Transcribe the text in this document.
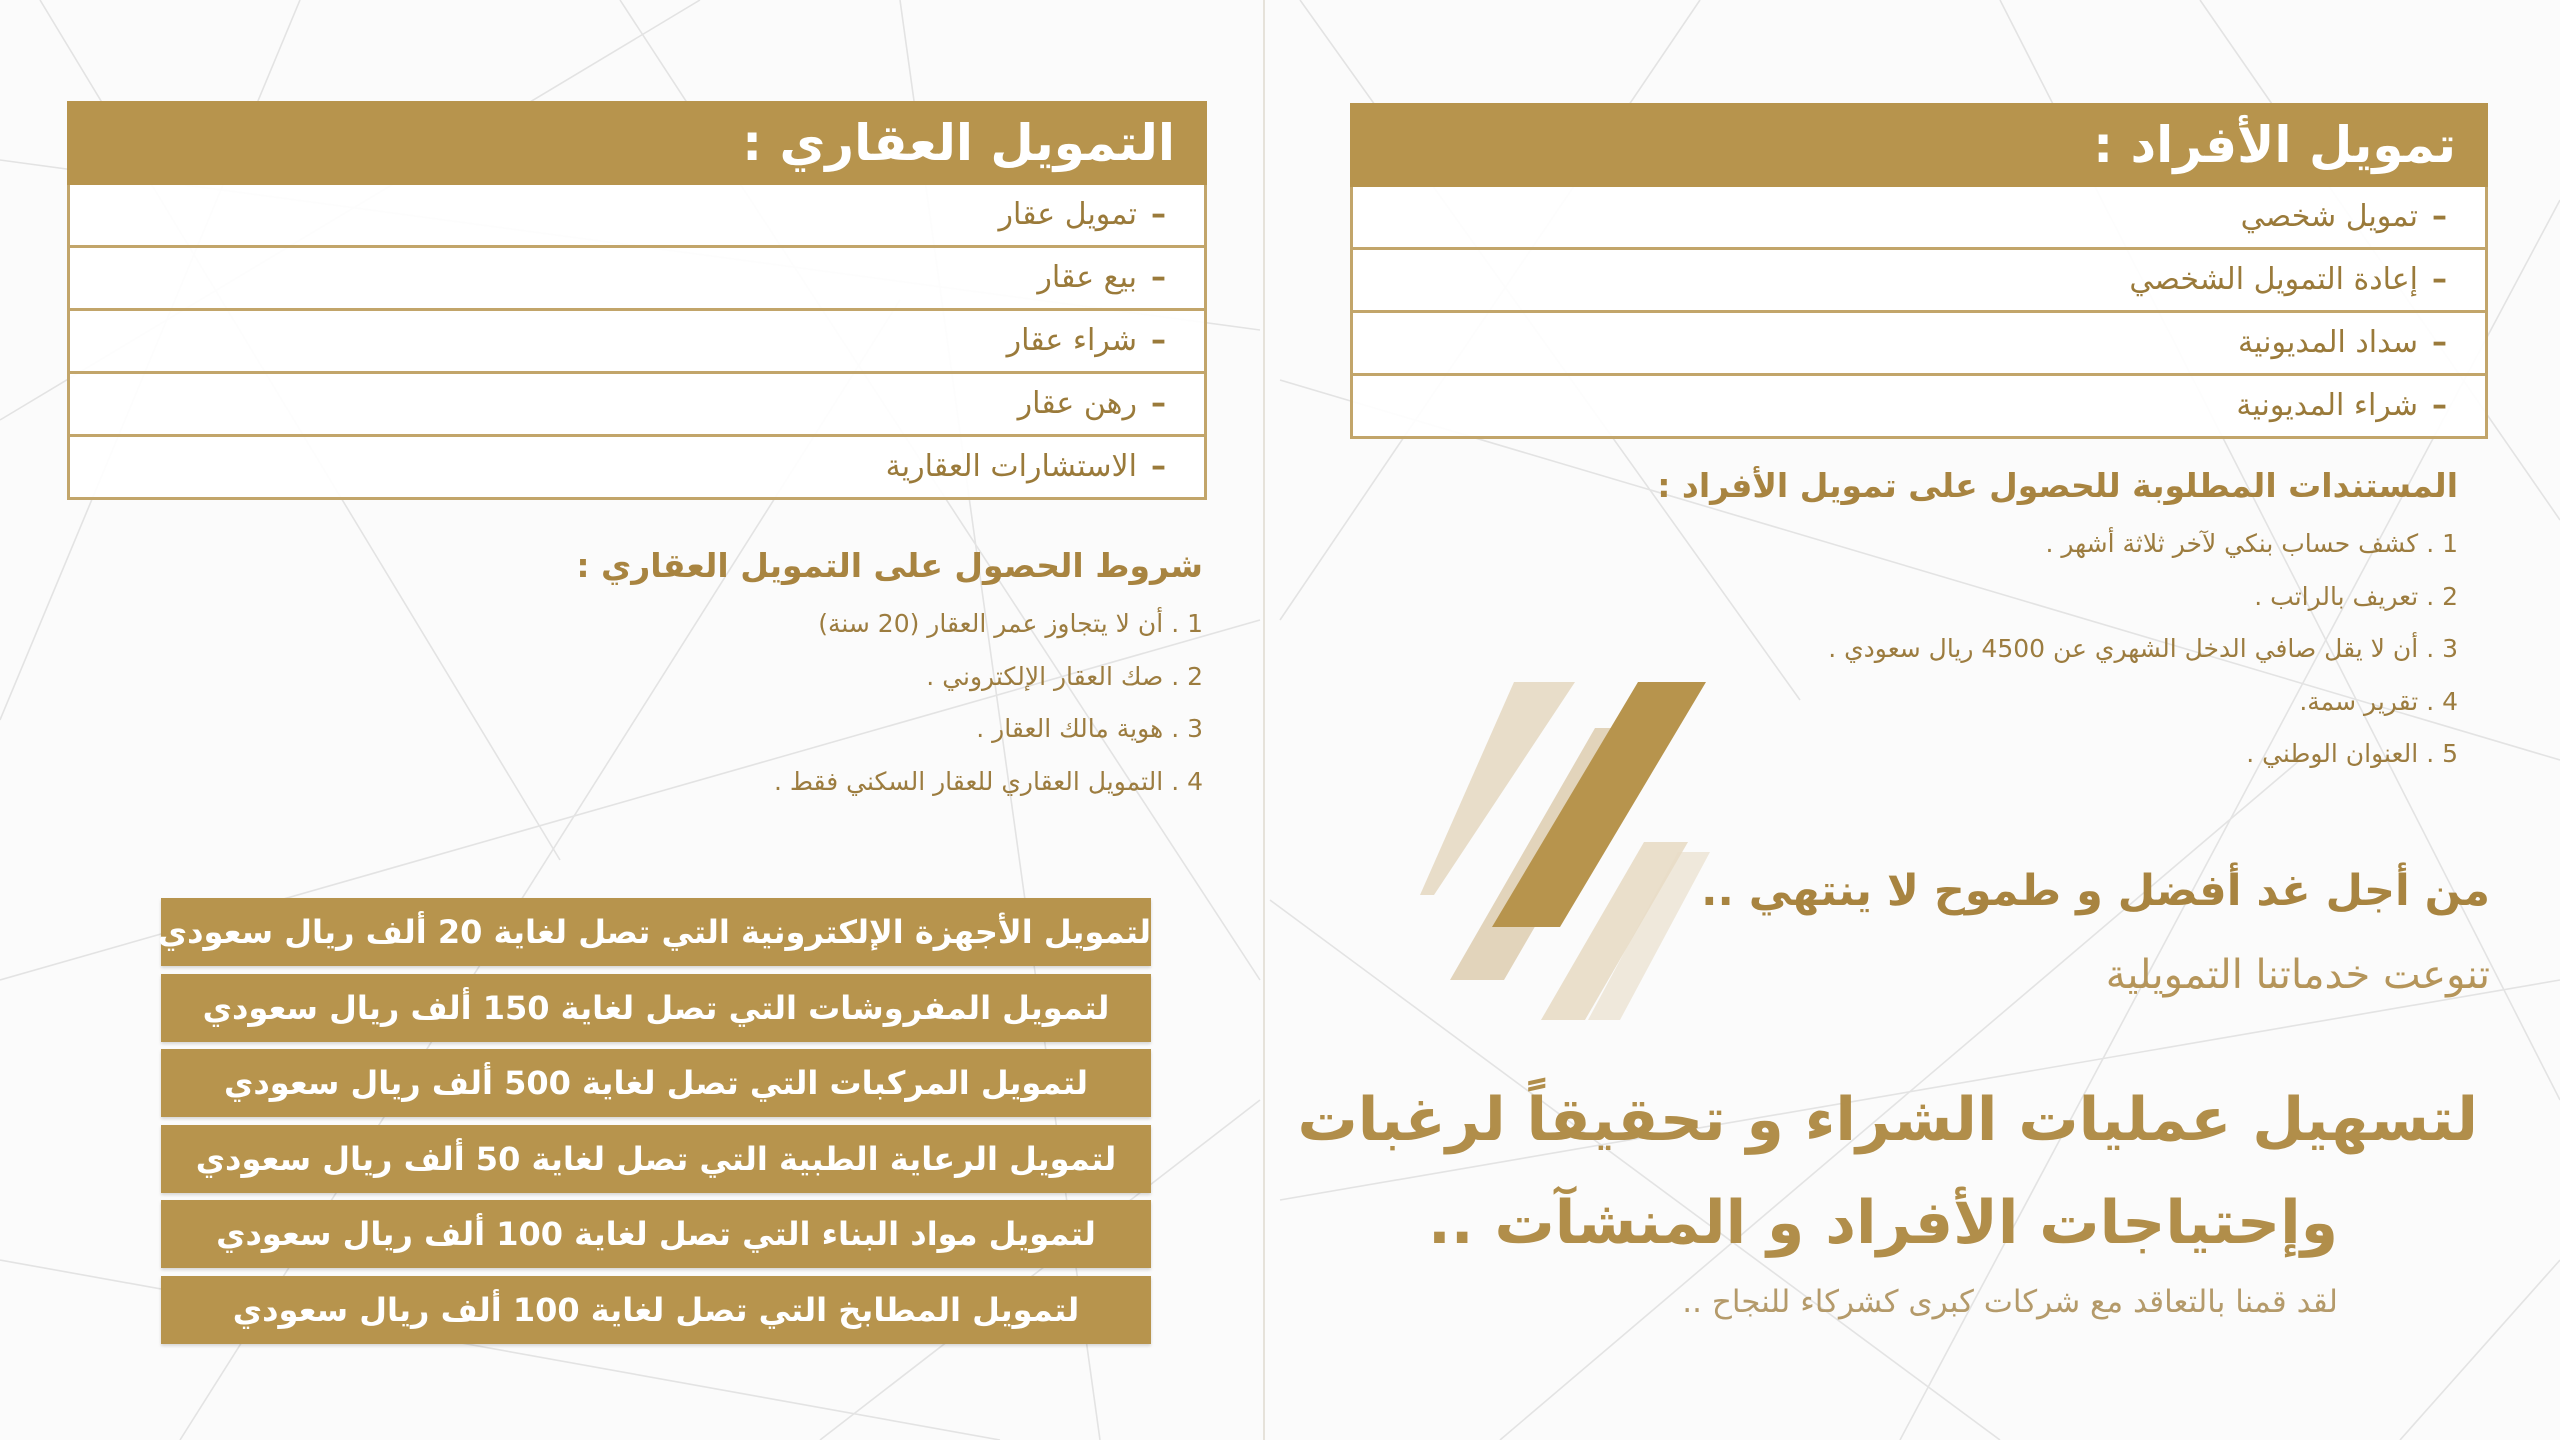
تمويل الأفراد :
–تمويل شخصي
–إعادة التمويل الشخصي
–سداد المديونية
–شراء المديونية
المستندات المطلوبة للحصول على تمويل الأفراد :
1 .كشف حساب بنكي لآخر ثلاثة أشهر .
2 .تعريف بالراتب .
3 .أن لا يقل صافي الدخل الشهري عن 4500 ريال سعودي .
4 .تقرير سمة.
5 .العنوان الوطني .
التمويل العقاري :
–تمويل عقار
–بيع عقار
–شراء عقار
–رهن عقار
–الاستشارات العقارية
شروط الحصول على التمويل العقاري :
1 .أن لا يتجاوز عمر العقار (20 سنة)
2 .صك العقار الإلكتروني .
3 .هوية مالك العقار .
4 .التمويل العقاري للعقار السكني فقط .
لتمويل الأجهزة الإلكترونية التي تصل لغاية 20 ألف ريال سعودي
لتمويل المفروشات التي تصل لغاية 150 ألف ريال سعودي
لتمويل المركبات التي تصل لغاية 500 ألف ريال سعودي
لتمويل الرعاية الطبية التي تصل لغاية 50 ألف ريال سعودي
لتمويل مواد البناء التي تصل لغاية 100 ألف ريال سعودي
لتمويل المطابخ التي تصل لغاية 100 ألف ريال سعودي
من أجل غد أفضل و طموح لا ينتهي ..
تنوعت خدماتنا التمويلية
لتسهيل عمليات الشراء و تحقيقاً لرغبات
وإحتياجات الأفراد و المنشآت ..
لقد قمنا بالتعاقد مع شركات كبرى كشركاء للنجاح ..
